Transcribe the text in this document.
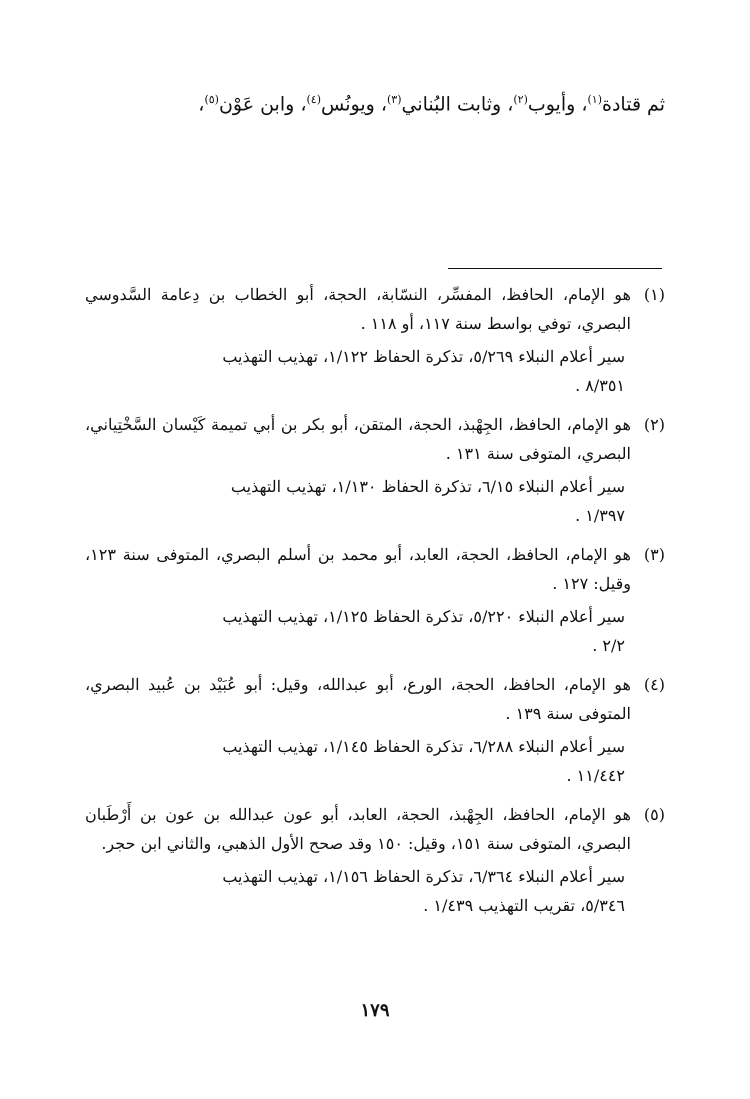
ثم قتادة$^{(١)}$، وأيوب$^{(٢)}$، وثابت البُناني$^{(٣)}$، ويونُس$^{(٤)}$، وابن عَوْن$^{(٥)}$،
(١)
هو الإمام، الحافظ، المفسِّر، النسّابة، الحجة، أبو الخطاب بن دِعامة السَّدوسي البصري، توفي بواسط سنة ١١٧، أو ١١٨ .
سير أعلام النبلاء ٥/٢٦٩، تذكرة الحفاظ ١/١٢٢، تهذيب التهذيب
٨/٣٥١ .
(٢)
هو الإمام، الحافظ، الجِهْبذ، الحجة، المتقن، أبو بكر بن أبي تميمة كَيْسان السَّخْتِياني، البصري، المتوفى سنة ١٣١ .
سير أعلام النبلاء ٦/١٥، تذكرة الحفاظ ١/١٣٠، تهذيب التهذيب
١/٣٩٧ .
(٣)
هو الإمام، الحافظ، الحجة، العابد، أبو محمد بن أسلم البصري، المتوفى سنة ١٢٣، وقيل: ١٢٧ .
سير أعلام النبلاء ٥/٢٢٠، تذكرة الحفاظ ١/١٢٥، تهذيب التهذيب
٢/٢ .
(٤)
هو الإمام، الحافظ، الحجة، الورع، أبو عبدالله، وقيل: أبو عُبَيْد بن عُبيد البصري، المتوفى سنة ١٣٩ .
سير أعلام النبلاء ٦/٢٨٨، تذكرة الحفاظ ١/١٤٥، تهذيب التهذيب
١١/٤٤٢ .
(٥)
هو الإمام، الحافظ، الجِهْبذ، الحجة، العابد، أبو عون عبدالله بن عون بن أَرْطَبان البصري، المتوفى سنة ١٥١، وقيل: ١٥٠ وقد صحح الأول الذهبي، والثاني ابن حجر.
سير أعلام النبلاء ٦/٣٦٤، تذكرة الحفاظ ١/١٥٦، تهذيب التهذيب
٥/٣٤٦، تقريب التهذيب ١/٤٣٩ .
١٧٩
